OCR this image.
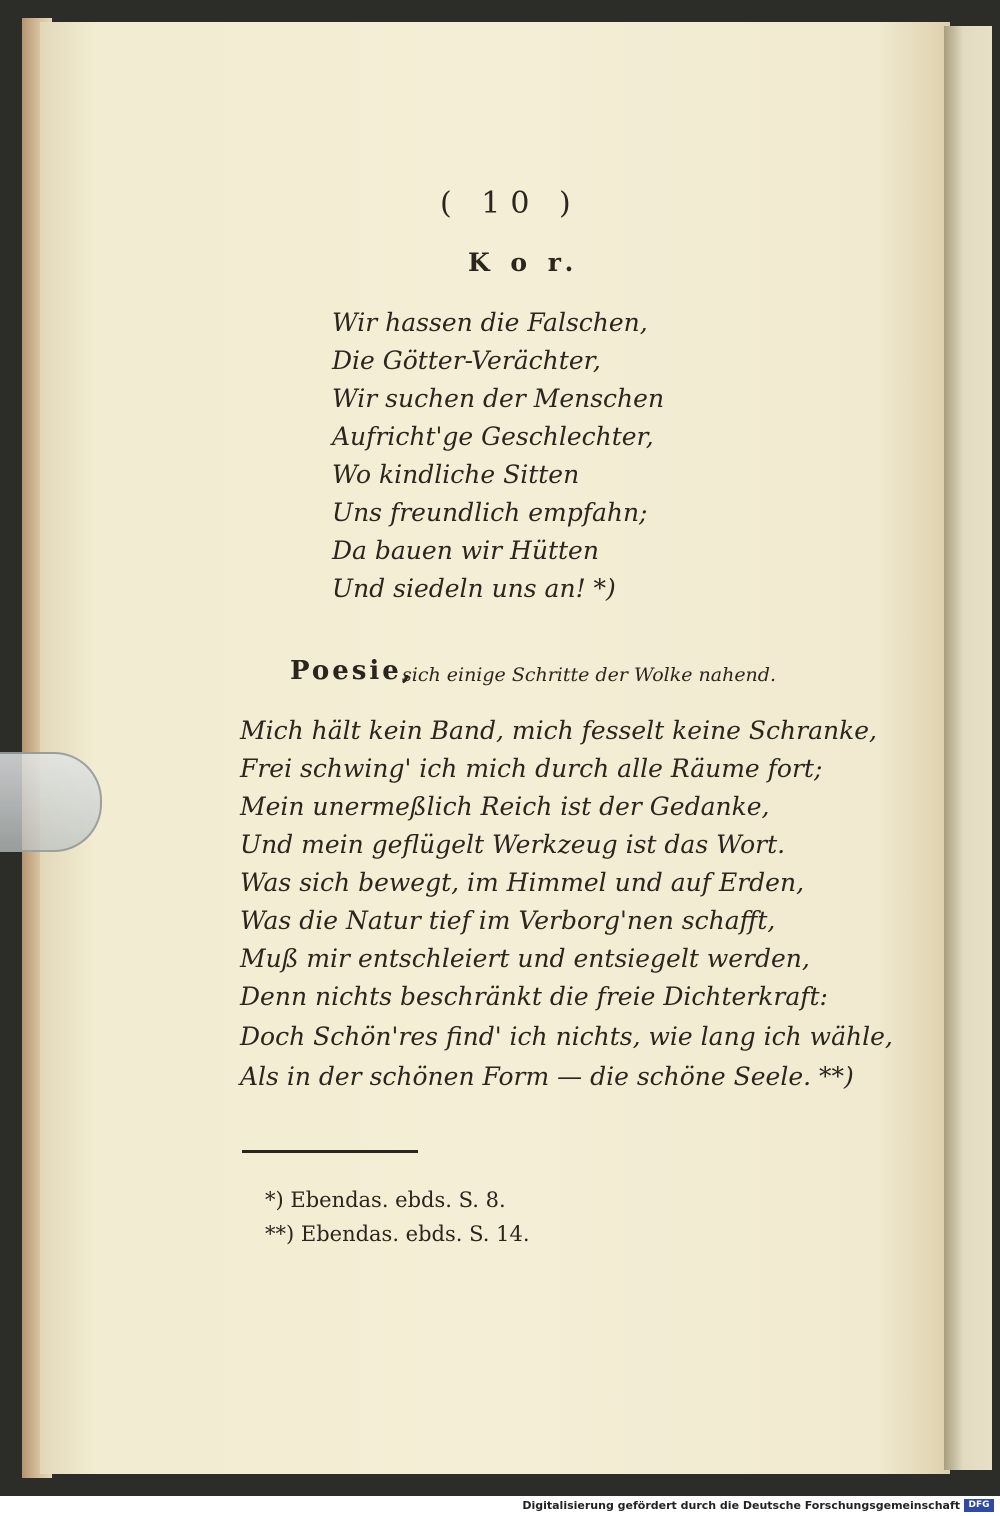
( 10 )
K o r.
Wir hassen die Falschen,
Die Götter-Verächter,
Wir suchen der Menschen
Aufricht'ge Geschlechter,
Wo kindliche Sitten
Uns freundlich empfahn;
Da bauen wir Hütten
Und siedeln uns an! *)
Poesie,
sich einige Schritte der Wolke nahend.
Mich hält kein Band, mich fesselt keine Schranke,
Frei schwing' ich mich durch alle Räume fort;
Mein unermeßlich Reich ist der Gedanke,
Und mein geflügelt Werkzeug ist das Wort.
Was sich bewegt, im Himmel und auf Erden,
Was die Natur tief im Verborg'nen schafft,
Muß mir entschleiert und entsiegelt werden,
Denn nichts beschränkt die freie Dichterkraft:
Doch Schön'res find' ich nichts, wie lang ich wähle,
Als in der schönen Form — die schöne Seele. **)
*) Ebendas. ebds. S. 8.
**) Ebendas. ebds. S. 14.
Digitalisierung gefördert durch die Deutsche Forschungsgemeinschaft DFG
